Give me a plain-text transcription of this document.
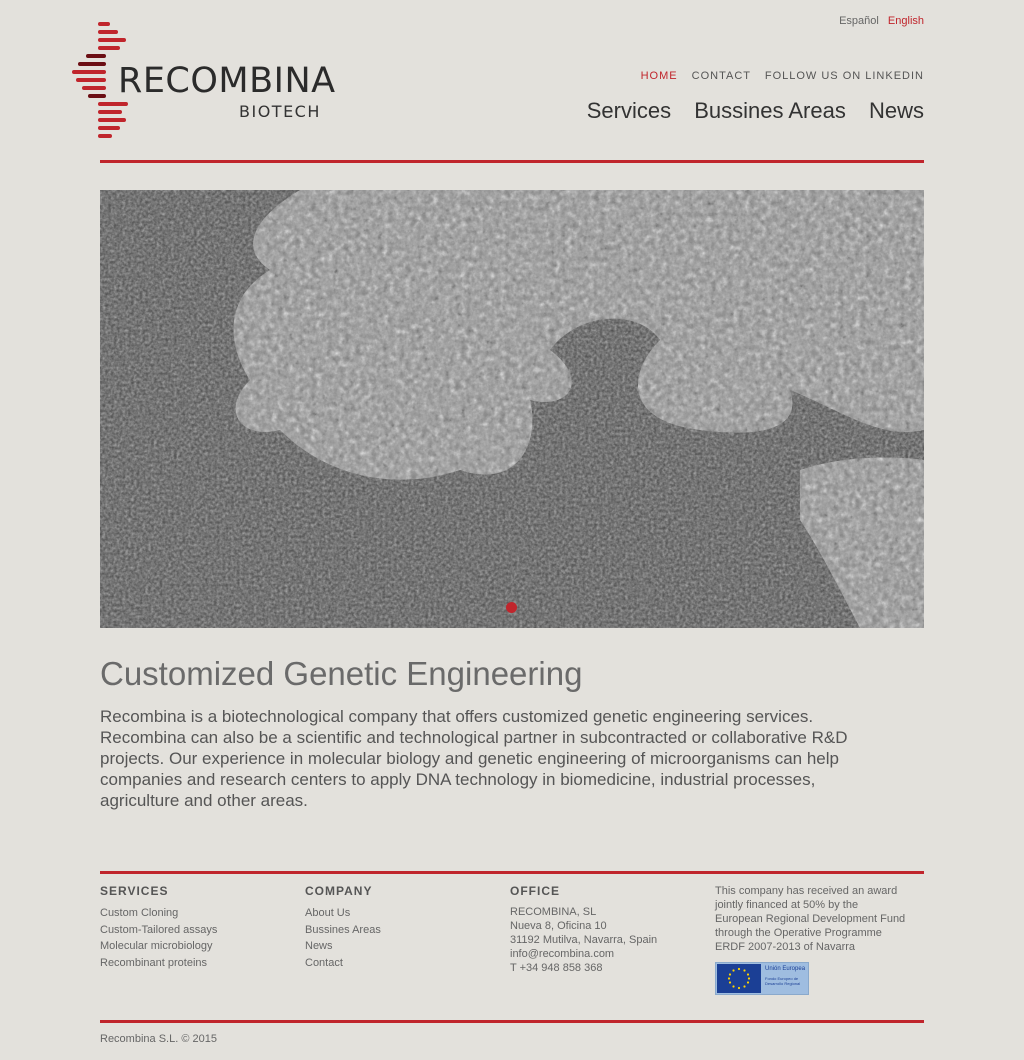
RECOMBINA
BIOTECH
Español English
HOME CONTACT FOLLOW US ON LINKEDIN
Services Bussines Areas News
Customized Genetic Engineering
Recombina is a biotechnological company that offers customized genetic engineering services. Recombina can also be a scientific and technological partner in subcontracted or collaborative R&D projects. Our experience in molecular biology and genetic engineering of microorganisms can help companies and research centers to apply DNA technology in biomedicine, industrial processes, agriculture and other areas.
SERVICES
Custom Cloning
Custom-Tailored assays
Molecular microbiology
Recombinant proteins
COMPANY
About Us
Bussines Areas
News
Contact
OFFICE
RECOMBINA, SL
Nueva 8, Oficina 10
31192 Mutilva, Navarra, Spain
info@recombina.com
T +34 948 858 368
This company has received an award
jointly financed at 50% by the
European Regional Development Fund
through the Operative Programme
ERDF 2007-2013 of Navarra
Unión Europea
Fondo Europeo de Desarrollo Regional
Recombina S.L. © 2015
